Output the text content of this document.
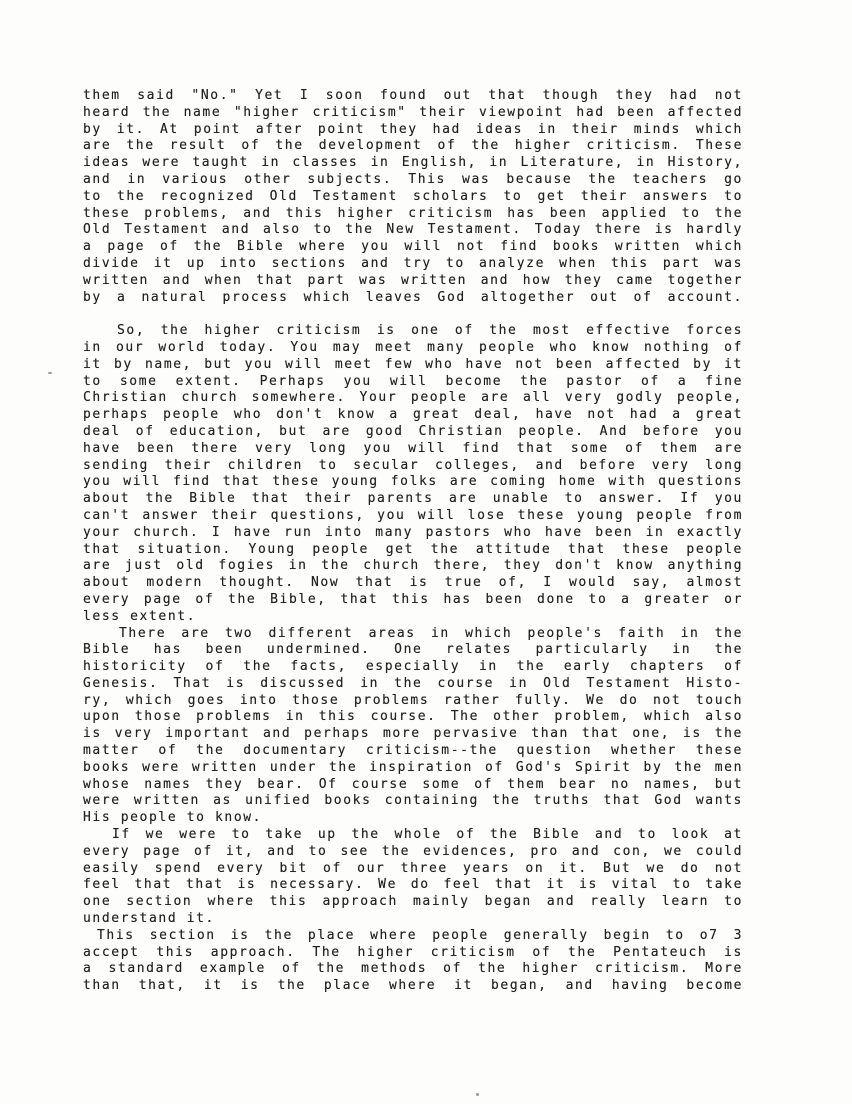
them said "No." Yet I soon found out that though they had not
heard the name "higher criticism" their viewpoint had been affected
by it. At point after point they had ideas in their minds which
are the result of the development of the higher criticism. These
ideas were taught in classes in English, in Literature, in History,
and in various other subjects. This was because the teachers go
to the recognized Old Testament scholars to get their answers to
these problems, and this higher criticism has been applied to the
Old Testament and also to the New Testament. Today there is hardly
a page of the Bible where you will not find books written which
divide it up into sections and try to analyze when this part was
written and when that part was written and how they came together
by a natural process which leaves God altogether out of account.
So, the higher criticism is one of the most effective forces
in our world today. You may meet many people who know nothing of
it by name, but you will meet few who have not been affected by it
to some extent. Perhaps you will become the pastor of a fine
Christian church somewhere. Your people are all very godly people,
perhaps people who don't know a great deal, have not had a great
deal of education, but are good Christian people. And before you
have been there very long you will find that some of them are
sending their children to secular colleges, and before very long
you will find that these young folks are coming home with questions
about the Bible that their parents are unable to answer. If you
can't answer their questions, you will lose these young people from
your church. I have run into many pastors who have been in exactly
that situation. Young people get the attitude that these people
are just old fogies in the church there, they don't know anything
about modern thought. Now that is true of, I would say, almost
every page of the Bible, that this has been done to a greater or
less extent.
There are two different areas in which people's faith in the
Bible has been undermined. One relates particularly in the
historicity of the facts, especially in the early chapters of
Genesis. That is discussed in the course in Old Testament Histo-
ry, which goes into those problems rather fully. We do not touch
upon those problems in this course. The other problem, which also
is very important and perhaps more pervasive than that one, is the
matter of the documentary criticism--the question whether these
books were written under the inspiration of God's Spirit by the men
whose names they bear. Of course some of them bear no names, but
were written as unified books containing the truths that God wants
His people to know.
If we were to take up the whole of the Bible and to look at
every page of it, and to see the evidences, pro and con, we could
easily spend every bit of our three years on it. But we do not
feel that that is necessary. We do feel that it is vital to take
one section where this approach mainly began and really learn to
understand it.
This section is the place where people generally begin to o7 3
accept this approach. The higher criticism of the Pentateuch is
a standard example of the methods of the higher criticism. More
than that, it is the place where it began, and having become
